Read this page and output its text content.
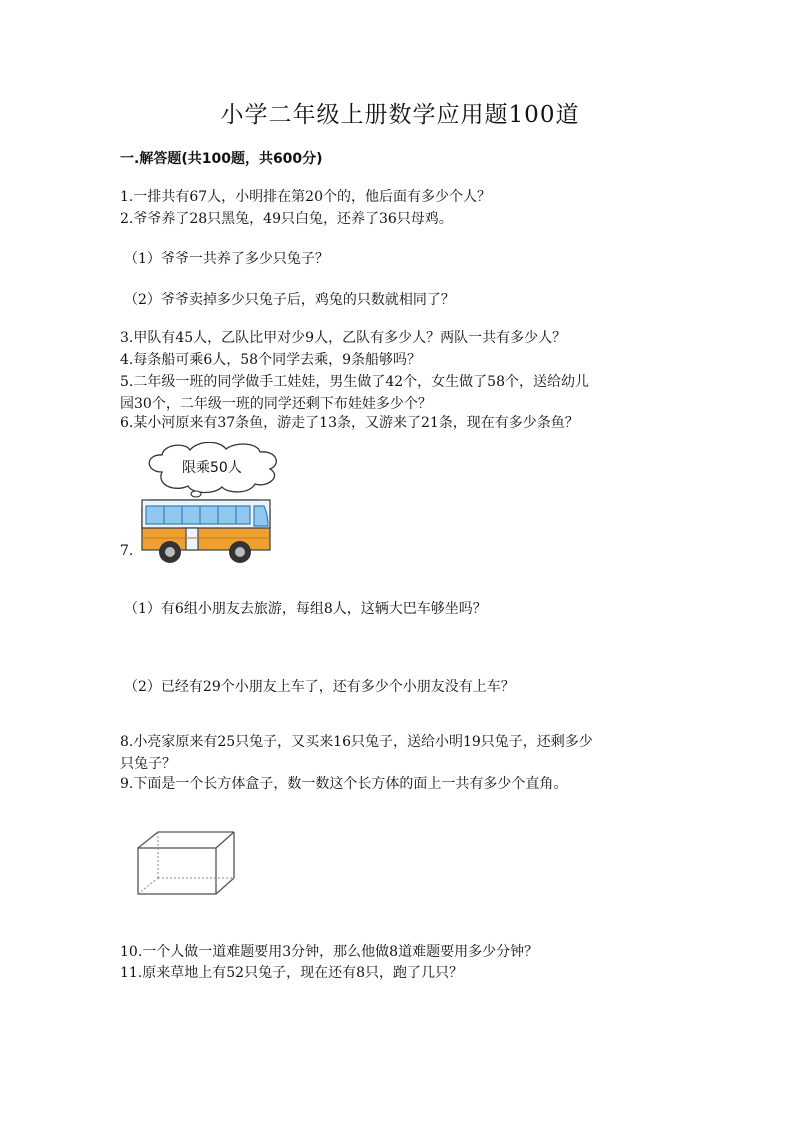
小学二年级上册数学应用题100道
一.解答题(共100题，共600分)
1.一排共有67人，小明排在第20个的，他后面有多少个人？
2.爷爷养了28只黑兔，49只白兔，还养了36只母鸡。
（1）爷爷一共养了多少只兔子？
（2）爷爷卖掉多少只兔子后，鸡兔的只数就相同了？
3.甲队有45人，乙队比甲对少9人，乙队有多少人？两队一共有多少人？
4.每条船可乘6人，58个同学去乘，9条船够吗？
5.二年级一班的同学做手工娃娃，男生做了42个，女生做了58个，送给幼儿
园30个，二年级一班的同学还剩下布娃娃多少个？
6.某小河原来有37条鱼，游走了13条，又游来了21条，现在有多少条鱼？
7.
限乘50人
（1）有6组小朋友去旅游，每组8人，这辆大巴车够坐吗？
（2）已经有29个小朋友上车了，还有多少个小朋友没有上车？
8.小亮家原来有25只兔子，又买来16只兔子，送给小明19只兔子，还剩多少
只兔子？
9.下面是一个长方体盒子，数一数这个长方体的面上一共有多少个直角。
10.一个人做一道难题要用3分钟，那么他做8道难题要用多少分钟？
11.原来草地上有52只兔子，现在还有8只，跑了几只？
